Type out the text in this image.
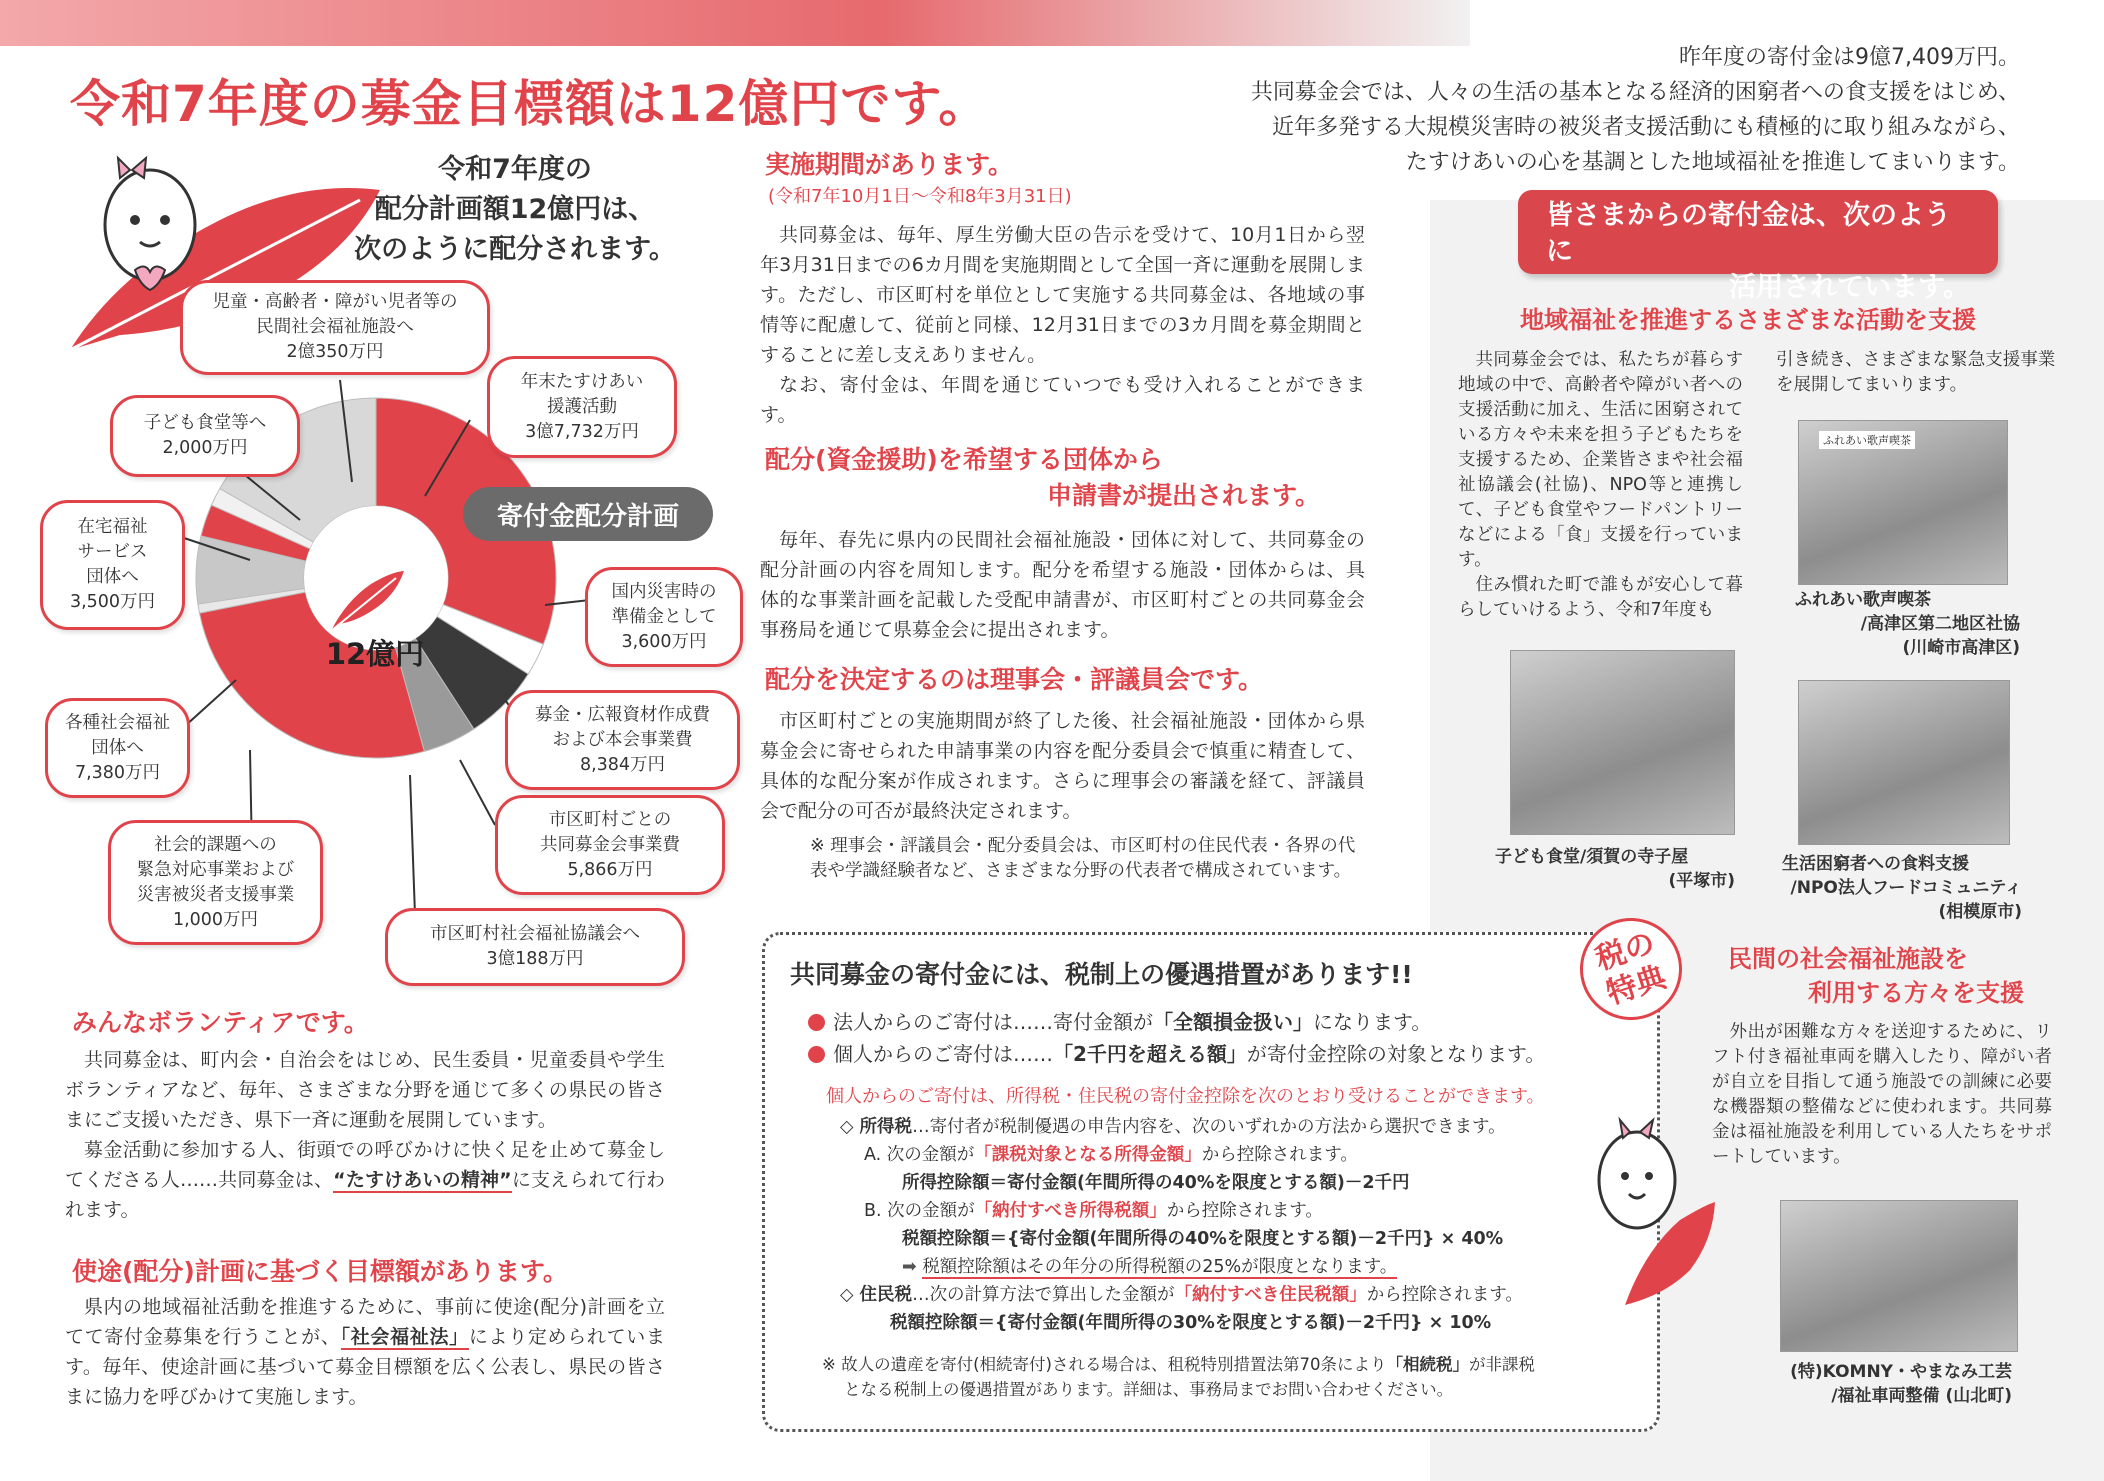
令和7年度の募金目標額は12億円です。
昨年度の寄付金は9億7,409万円。
共同募金会では、人々の生活の基本となる経済的困窮者への食支援をはじめ、
近年多発する大規模災害時の被災者支援活動にも積極的に取り組みながら、
たすけあいの心を基調とした地域福祉を推進してまいります。
令和7年度の
配分計画額12億円は、
次のように配分されます。
12億円
寄付金配分計画
児童・高齢者・障がい児者等の
民間社会福祉施設へ
2億350万円
年末たすけあい
援護活動
3億7,732万円
子ども食堂等へ
2,000万円
在宅福祉
サービス
団体へ
3,500万円
国内災害時の
準備金として
3,600万円
募金・広報資材作成費
および本会事業費
8,384万円
各種社会福祉
団体へ
7,380万円
市区町村ごとの
共同募金会事業費
5,866万円
社会的課題への
緊急対応事業および
災害被災者支援事業
1,000万円
市区町村社会福祉協議会へ
3億188万円
みんなボランティアです。

共同募金は、町内会・自治会をはじめ、民生委員・児童委員や学生ボランティアなど、毎年、さまざまな分野を通じて多くの県民の皆さまにご支援いただき、県下一斉に運動を展開しています。

募金活動に参加する人、街頭での呼びかけに快く足を止めて募金してくださる人……共同募金は、“たすけあいの精神”に支えられて行われます。

使途(配分)計画に基づく目標額があります。

県内の地域福祉活動を推進するために、事前に使途(配分)計画を立てて寄付金募集を行うことが、「社会福祉法」により定められています。毎年、使途計画に基づいて募金目標額を広く公表し、県民の皆さまに協力を呼びかけて実施します。

実施期間があります。
(令和7年10月1日〜令和8年3月31日)

共同募金は、毎年、厚生労働大臣の告示を受けて、10月1日から翌年3月31日までの6カ月間を実施期間として全国一斉に運動を展開します。ただし、市区町村を単位として実施する共同募金は、各地域の事情等に配慮して、従前と同様、12月31日までの3カ月間を募金期間とすることに差し支えありません。

なお、寄付金は、年間を通じていつでも受け入れることができます。

配分(資金援助)を希望する団体から
申請書が提出されます。

毎年、春先に県内の民間社会福祉施設・団体に対して、共同募金の配分計画の内容を周知します。配分を希望する施設・団体からは、具体的な事業計画を記載した受配申請書が、市区町村ごとの共同募金会事務局を通じて県募金会に提出されます。

配分を決定するのは理事会・評議員会です。

市区町村ごとの実施期間が終了した後、社会福祉施設・団体から県募金会に寄せられた申請事業の内容を配分委員会で慎重に精査して、具体的な配分案が作成されます。さらに理事会の審議を経て、評議員会で配分の可否が最終決定されます。

※ 理事会・評議員会・配分委員会は、市区町村の住民代表・各界の代表や学識経験者など、さまざまな分野の代表者で構成されています。
税の
特典
共同募金の寄付金には、税制上の優遇措置があります!!
法人からのご寄付は……寄付金額が「全額損金扱い」になります。
個人からのご寄付は……「2千円を超える額」が寄付金控除の対象となります。
個人からのご寄付は、所得税・住民税の寄付金控除を次のとおり受けることができます。
◇ 所得税…寄付者が税制優遇の申告内容を、次のいずれかの方法から選択できます。
A. 次の金額が「課税対象となる所得金額」から控除されます。
所得控除額＝寄付金額(年間所得の40%を限度とする額)－2千円
B. 次の金額が「納付すべき所得税額」から控除されます。
税額控除額＝{寄付金額(年間所得の40%を限度とする額)－2千円} × 40%
➡ 税額控除額はその年分の所得税額の25%が限度となります。
◇ 住民税…次の計算方法で算出した金額が「納付すべき住民税額」から控除されます。
税額控除額＝{寄付金額(年間所得の30%を限度とする額)－2千円} × 10%
※ 故人の遺産を寄付(相続寄付)される場合は、租税特別措置法第70条により「相続税」が非課税
となる税制上の優遇措置があります。詳細は、事務局までお問い合わせください。
皆さまからの寄付金は、次のように
活用されています。
地域福祉を推進するさまざまな活動を支援

共同募金会では、私たちが暮らす地域の中で、高齢者や障がい者への支援活動に加え、生活に困窮されている方々や未来を担う子どもたちを支援するため、企業皆さまや社会福祉協議会(社協)、NPO等と連携して、子ども食堂やフードパントリーなどによる「食」支援を行っています。

住み慣れた町で誰もが安心して暮らしていけるよう、令和7年度も

引き続き、さまざまな緊急支援事業を展開してまいります。
ふれあい歌声喫茶
ふれあい歌声喫茶
/高津区第二地区社協
(川崎市高津区)
子ども食堂/須賀の寺子屋
(平塚市)
生活困窮者への食料支援
/NPO法人フードコミュニティ
(相模原市)
民間の社会福祉施設を
利用する方々を支援
外出が困難な方々を送迎するために、リフト付き福祉車両を購入したり、障がい者が自立を目指して通う施設での訓練に必要な機器類の整備などに使われます。共同募金は福祉施設を利用している人たちをサポートしています。
(特)KOMNY・やまなみ工芸
/福祉車両整備 (山北町)
